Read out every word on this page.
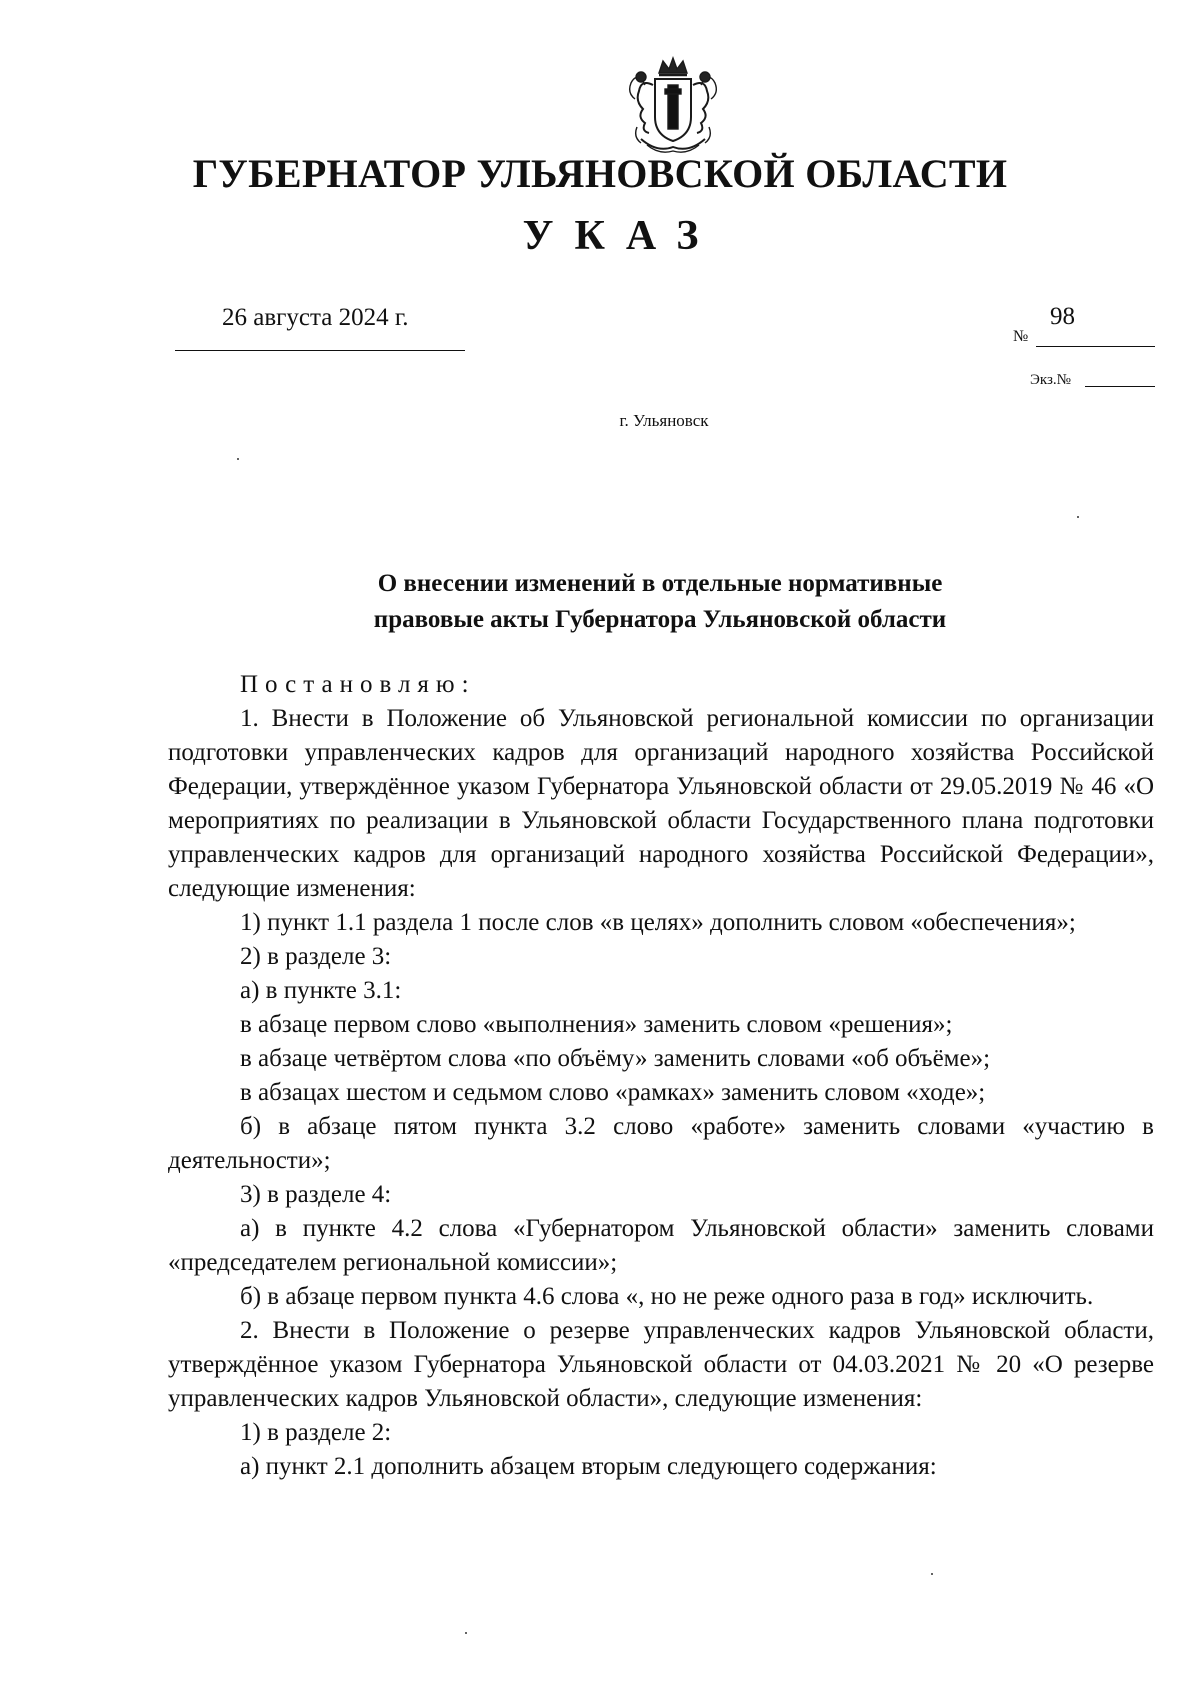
ГУБЕРНАТОР УЛЬЯНОВСКОЙ ОБЛАСТИ
УКАЗ
26 августа 2024 г.
№
98
Экз.№
г. Ульяновск
О внесении изменений в отдельные нормативные
правовые акты Губернатора Ульяновской области

Постановляю:

1. Внести в Положение об Ульяновской региональной комиссии по организации подготовки управленческих кадров для организаций народного хозяйства Российской Федерации, утверждённое указом Губернатора Ульяновской области от 29.05.2019 № 46 «О мероприятиях по реализации в Ульяновской области Государственного плана подготовки управленческих кадров для организаций народного хозяйства Российской Федерации», следующие изменения:

1) пункт 1.1 раздела 1 после слов «в целях» дополнить словом «обеспечения»;

2) в разделе 3:

а) в пункте 3.1:

в абзаце первом слово «выполнения» заменить словом «решения»;

в абзаце четвёртом слова «по объёму» заменить словами «об объёме»;

в абзацах шестом и седьмом слово «рамках» заменить словом «ходе»;

б) в абзаце пятом пункта 3.2 слово «работе» заменить словами «участию в деятельности»;

3) в разделе 4:

а) в пункте 4.2 слова «Губернатором Ульяновской области» заменить словами «председателем региональной комиссии»;

б) в абзаце первом пункта 4.6 слова «, но не реже одного раза в год» исключить.

2. Внести в Положение о резерве управленческих кадров Ульяновской области, утверждённое указом Губернатора Ульяновской области от 04.03.2021 № 20 «О резерве управленческих кадров Ульяновской области», следующие изменения:

1) в разделе 2:

а) пункт 2.1 дополнить абзацем вторым следующего содержания:
